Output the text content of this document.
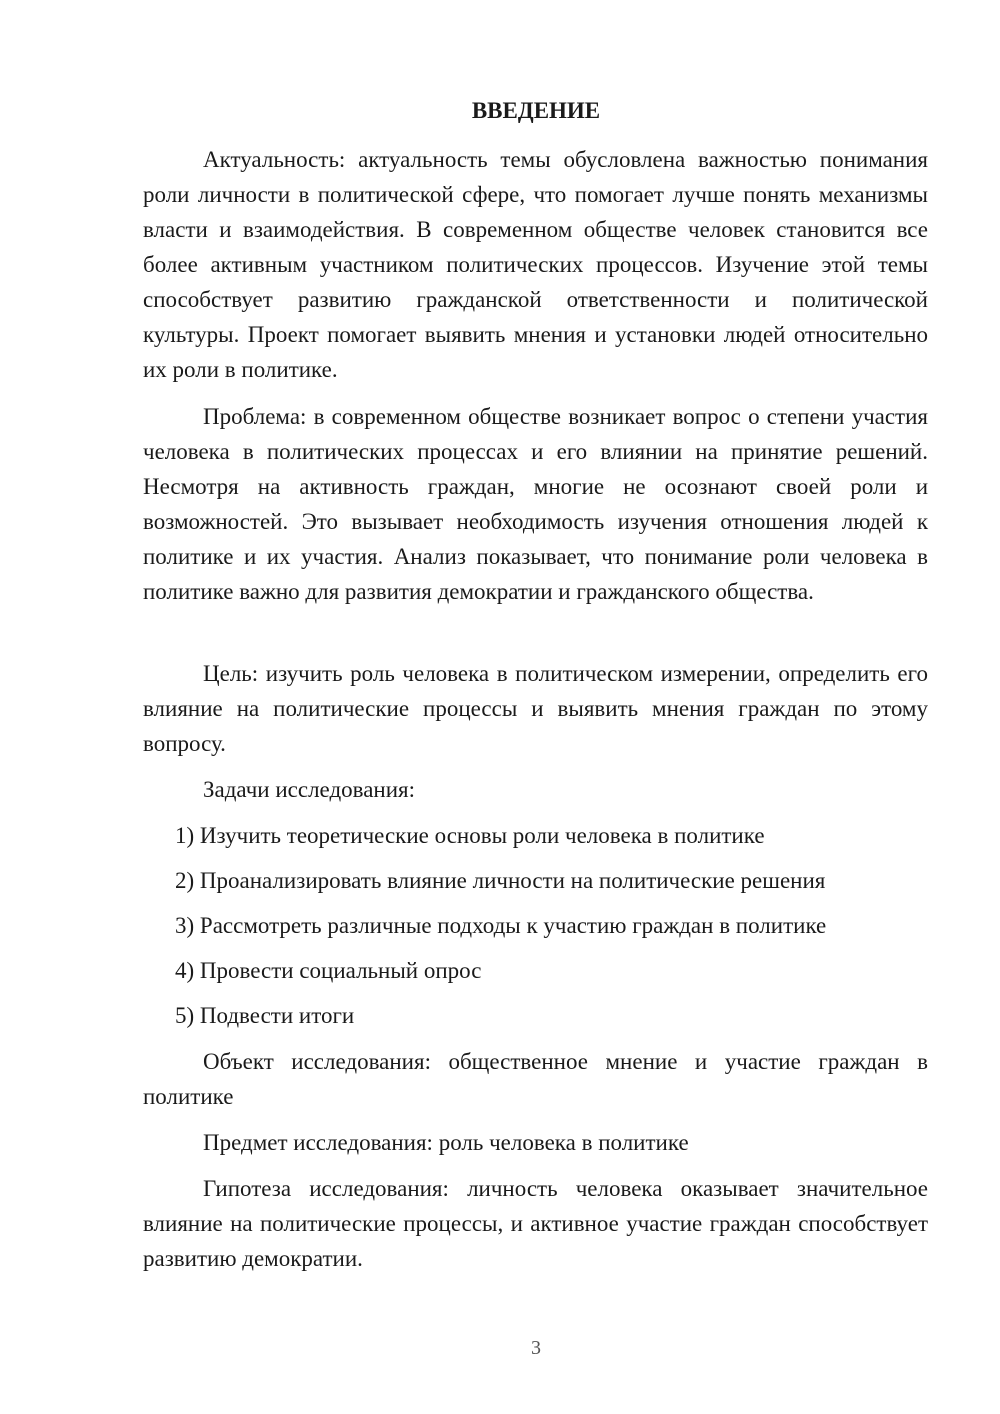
ВВЕДЕНИЕ

Актуальность: актуальность темы обусловлена важностью понимания роли личности в политической сфере, что помогает лучше понять механизмы власти и взаимодействия. В современном обществе человек становится все более активным участником политических процессов. Изучение этой темы способствует развитию гражданской ответственности и политической культуры. Проект помогает выявить мнения и установки людей относительно их роли в политике.

Проблема: в современном обществе возникает вопрос о степени участия человека в политических процессах и его влиянии на принятие решений. Несмотря на активность граждан, многие не осознают своей роли и возможностей. Это вызывает необходимость изучения отношения людей к политике и их участия. Анализ показывает, что понимание роли человека в политике важно для развития демократии и гражданского общества.

Цель: изучить роль человека в политическом измерении, определить его влияние на политические процессы и выявить мнения граждан по этому вопросу.

Задачи исследования:

1) Изучить теоретические основы роли человека в политике

2) Проанализировать влияние личности на политические решения

3) Рассмотреть различные подходы к участию граждан в политике

4) Провести социальный опрос

5) Подвести итоги

Объект исследования: общественное мнение и участие граждан в политике

Предмет исследования: роль человека в политике

Гипотеза исследования: личность человека оказывает значительное влияние на политические процессы, и активное участие граждан способствует развитию демократии.

3
